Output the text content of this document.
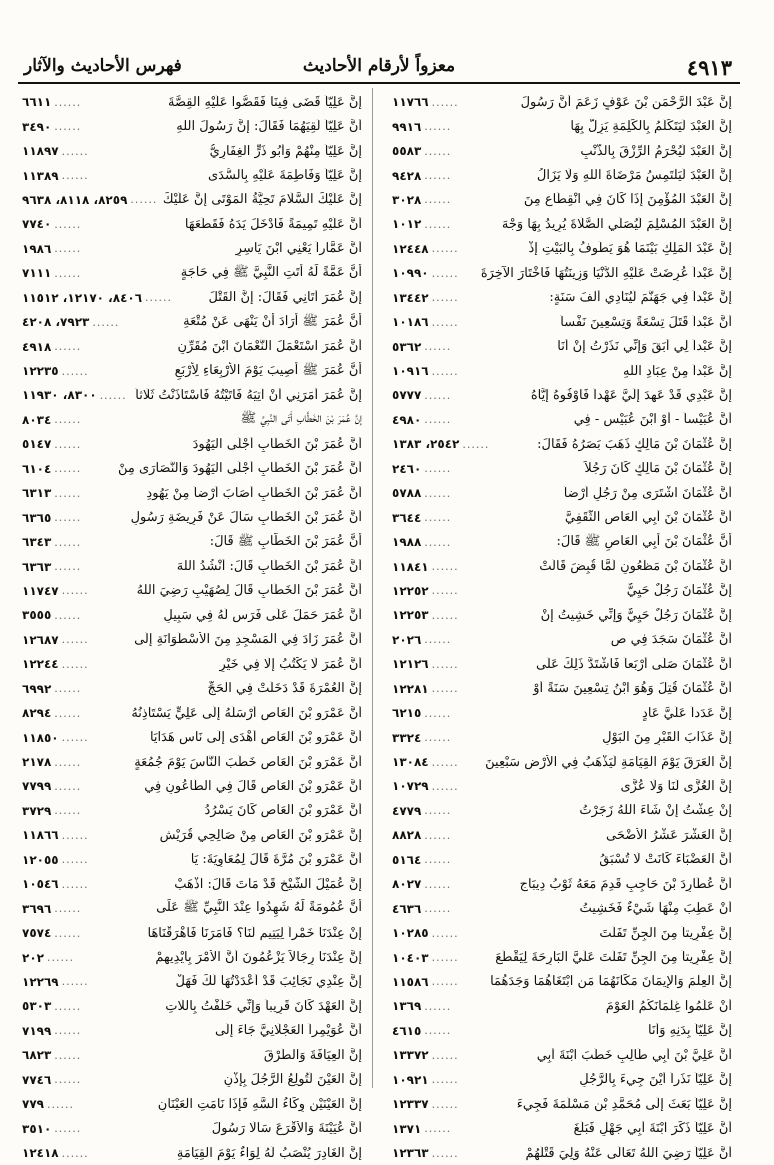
٤٩١٣
معزواً لأرقام الأحاديث
فهرس الأحاديث والآثار
إنَّ عَبْدَ الرَّحْمَنِ بْنَ عَوْفٍ زَعَمَ أَنَّ رَسُولَ
......
١١٧٦٦
إنَّ العَبْدَ لَيَتَكَلَّمُ بِالكَلِمَةِ يَزِلُّ بِهَا
......
٩٩١٦
إنَّ العَبْدَ لَيُحْرَمُ الرِّزْقَ بِالذَّنْبِ
......
٥٥٨٣
إنَّ العَبْدَ لَيَلْتَمِسُ مَرْضَاةَ اللهِ وَلَا يَزَالُ
......
٩٤٢٨
إنَّ العَبْدَ المُؤْمِنَ إذَا كَانَ فِي انْقِطَاعٍ مِنَ
......
٣٠٢٨
إنَّ العَبْدَ المُسْلِمَ لَيُصَلِّي الصَّلَاةَ يُرِيدُ بِهَا وَجْهَ
......
١٠١٢
إنَّ عَبْدَ المَلِكِ بَيْنَمَا هُوَ يَطُوفُ بِالبَيْتِ إذْ
......
١٢٤٤٨
إنَّ عَبْداً عُرِضَتْ عَلَيْهِ الدُّنْيَا وَزِينَتُهَا فَاخْتَارَ الآخِرَةَ
......
١٠٩٩٠
إنَّ عَبْداً فِي جَهَنَّمَ لَيُنَادِي أَلْفَ سَنَةٍ:
......
١٣٤٤٢
أَنَّ عَبْداً قَتَلَ تِسْعَةً وَتِسْعِينَ نَفْساً
......
١٠١٨٦
إنَّ عَبْداً لِي أَبَقَ وَإِنِّي نَذَرْتُ إنْ أَنَا
......
٥٣٦٢
إنَّ عَبْداً مِنْ عِبَادِ اللهِ
......
١٠٩١٦
إنَّ عَبْدِي قَدْ عَهِدَ إلَيَّ عَهْداً فَأَوْفُوهُ إيَّاهُ
......
٥٧٧٧
أَنَّ عُبَيْساً - أَوْ ابْنَ عُبَيْسٍ - فِي
......
٤٩٨٠
إنَّ عُثْمَانَ بْنَ مَالِكٍ ذَهَبَ بَصَرُهُ فَقَالَ:
......
٢٥٤٢، ١٣٨٣
إنَّ عُثْمَانَ بْنَ مَالِكٍ كَانَ رَجُلاً
......
٢٤٦٠
أَنَّ عُثْمَانَ اشْتَرَى مِنْ رَجُلٍ أَرْضاً
......
٥٧٨٨
أَنَّ عُثْمَانَ بْنَ أَبِي العَاصِ الثَّقَفِيَّ
......
٣٦٤٤
أَنَّ عُثْمَانَ بْنَ أَبِي العَاصِ ﷺ قَالَ:
......
١٩٨٨
أَنَّ عُثْمَانَ بْنَ مَظْعُونٍ لَمَّا قُبِضَ قَالَتْ
......
١١٨٤١
إنَّ عُثْمَانَ رَجُلٌ حَيِيٌّ
......
١٢٢٥٢
إنَّ عُثْمَانَ رَجُلٌ حَيِيٌّ وَإِنِّي خَشِيتُ إنْ
......
١٢٢٥٣
أَنَّ عُثْمَانَ سَجَدَ فِي ص
......
٢٠٢٦
أَنَّ عُثْمَانَ صَلَّى أَرْبَعاً فَاشْتَدَّ ذَلِكَ عَلَى
......
١٢١٢٦
أَنَّ عُثْمَانَ قُتِلَ وَهُوَ ابْنُ تِسْعِينَ سَنَةً أَوْ
......
١٢٢٨١
إنَّ عَدَداً عَلَيَّ عَادٍ
......
٦٢١٥
إنَّ عَذَابَ القَبْرِ مِنَ البَوْلِ
......
٣٣٢٤
إنَّ العَرَقَ يَوْمَ القِيَامَةِ لَيَذْهَبُ فِي الأَرْضِ سَبْعِينَ
......
١٣٠٨٤
إنَّ العُزَّى لَنَا وَلَا عُزَّى
......
١٠٧٢٩
إنْ عِشْتُ إنْ شَاءَ اللهُ زَجَرْتُ
......
٤٧٧٩
إنَّ العَشْرَ عَشْرُ الأَضْحَى
......
٨٨٢٨
أَنَّ العَضْبَاءَ كَانَتْ لَا تُسْبَقُ
......
٥١٦٤
أَنَّ عُطَارِدَ بْنَ حَاجِبٍ قَدِمَ مَعَهُ ثَوْبُ دِيبَاجٍ
......
٨٠٢٧
أَنْ عَطِبَ مِنْهَا شَيْءٌ فَخَشِيتُ
......
٤٦٣٦
إنَّ عِفْرِيتاً مِنَ الجِنِّ تَفَلَّتَ
......
١٠٢٨٥
إنَّ عِفْرِيتاً مِنَ الجِنِّ تَفَلَّتَ عَلَيَّ البَارِحَةَ لِيَقْطَعَ
......
١٠٤٠٣
إنَّ العِلْمَ وَالإِيمَانَ مَكَانَهُمَا مَنِ ابْتَغَاهُمَا وَجَدَهُمَا
......
١١٥٨٦
أَنْ عَلِّمُوا غِلْمَانَكُمُ العَوْمَ
......
١٣٦٩
إنَّ عَلِيّاً بِدَنِهِ وَأَنَا
......
٤٦١٥
أَنَّ عَلِيَّ بْنَ أَبِي طَالِبٍ خَطَبَ ابْنَةَ أَبِي
......
١٣٣٧٢
إنَّ عَلِيّاً نَذَراً أَيْنَ جِيءَ بِالرَّجُلِ
......
١٠٩٢١
إنَّ عَلِيّاً بَعَثَ إلَى مُحَمَّدِ بْنِ مَسْلَمَةَ فَجِيءَ
......
١٢٣٣٧
أَنَّ عَلِيّاً ذَكَرَ ابْنَةَ أَبِي جَهْلٍ فَبَلَغَ
......
١٣٧١
أَنَّ عَلِيّاً رَضِيَ اللهُ تَعَالَى عَنْهُ وَلِيَ قَتْلَهُمْ
......
١٢٣٦٣
إنَّ عَلِيّاً قَضَى فِينَا فَقَصُّوا عَلَيْهِ القِصَّةَ
......
٦٦١١
أَنَّ عَلِيّاً لَقِيَهُمَا فَقَالَ: إنَّ رَسُولَ اللهِ
......
٣٤٩٠
إنَّ عَلِيّاً مِنْهُمْ وَأَبُو ذَرٍّ الغِفَارِيُّ
......
١١٨٩٧
إنَّ عَلِيّاً وَفَاطِمَةَ عَلَيْهِ بِالسُّدَى
......
١١٣٨٩
إنَّ عَلَيْكَ السَّلَامَ تَحِيَّةُ المَوْتَى إنَّ عَلَيْكَ
......
٨٢٥٩، ٨١١٨، ٩٦٣٨
أَنَّ عَلَيْهِ تَمِيمَةً فَأَدْخَلَ يَدَهُ فَقَطَعَهَا
......
٧٧٤٠
أَنَّ عَمَّاراً يَعْنِي ابْنَ يَاسِرٍ
......
١٩٨٦
أَنَّ عَمَّةً لَهُ أَتَتِ النَّبِيَّ ﷺ فِي حَاجَةٍ
......
٧١١١
إنَّ عُمَرَ أَتَانِي فَقَالَ: إنَّ القَتْلَ
......
٨٤٠٦، ١٢١٧٠، ١١٥١٢
أَنَّ عُمَرَ ﷺ أَرَادَ أَنْ يَنْهَى عَنْ مُتْعَةِ
......
٧٩٢٣، ٤٢٠٨
أَنَّ عُمَرَ اسْتَعْمَلَ النُّعْمَانَ ابْنَ مُقَرِّنٍ
......
٤٩١٨
أَنَّ عُمَرَ ﷺ أُصِيبَ يَوْمَ الأَرْبِعَاءِ لِأَرْبَعِ
......
١٢٢٣٥
إنَّ عُمَرَ أَمَرَنِي أَنْ آتِيَهُ فَأَتَيْتُهُ فَاسْتَأْذَنْتُ ثَلَاثاً
......
٨٣٠٠، ١١٩٣٠
إنَّ عُمَرَ بْنَ الخَطَّابِ أَتَى النَّبِيَّ ﷺ
......
٨٠٣٤
أَنَّ عُمَرَ بْنَ الخَطَّابِ أَجْلَى اليَهُودَ
......
٥١٤٧
أَنَّ عُمَرَ بْنَ الخَطَّابِ أَجْلَى اليَهُودَ وَالنَّصَارَى مِنْ
......
٦١٠٤
أَنَّ عُمَرَ بْنَ الخَطَّابِ أَصَابَ أَرْضاً مِنْ يَهُودِ
......
٦٣١٣
أَنَّ عُمَرَ بْنَ الخَطَّابِ سَأَلَ عَنْ فَرِيضَةِ رَسُولِ
......
٦٣٦٥
أَنَّ عُمَرَ بْنَ الخَطَّابِ ﷺ قَالَ:
......
٦٣٤٣
أَنَّ عُمَرَ بْنَ الخَطَّابِ قَالَ: أَنْشُدُ اللهَ
......
٦٣٦٣
أَنَّ عُمَرَ بْنَ الخَطَّابِ قَالَ لِصُهَيْبٍ رَضِيَ اللهُ
......
١١٧٤٧
أَنَّ عُمَرَ حَمَلَ عَلَى فَرَسٍ لَهُ فِي سَبِيلِ
......
٣٥٥٥
أَنَّ عُمَرَ زَادَ فِي المَسْجِدِ مِنَ الأُسْطُوَانَةِ إلَى
......
١٢٦٨٧
أَنَّ عُمَرَ لَا يَكْتُبُ إلَّا فِي خَيْرٍ
......
١٢٢٤٤
إنَّ العُمْرَةَ قَدْ دَخَلَتْ فِي الحَجِّ
......
٦٩٩٢
أَنَّ عَمْرَو بْنَ العَاصِ أَرْسَلَهُ إلَى عَلِيٍّ يَسْتَأْذِنُهُ
......
٨٢٩٤
أَنَّ عَمْرَو بْنَ العَاصِ أَهْدَى إلَى نَاسٍ هَدَايَا
......
١١٨٥٠
أَنَّ عَمْرَو بْنَ العَاصِ خَطَبَ النَّاسَ يَوْمَ جُمُعَةٍ
......
٢١٧٨
أَنَّ عَمْرَو بْنَ العَاصِ قَالَ فِي الطَّاعُونِ فِي
......
٧٧٩٩
أَنَّ عَمْرَو بْنَ العَاصِ كَانَ يَسْرُدُ
......
٣٧٢٩
إنَّ عَمْرَو بْنَ العَاصِ مِنْ صَالِحِي قُرَيْشٍ
......
١١٨٦٦
أَنَّ عَمْرَو بْنَ مُرَّةَ قَالَ لِمُعَاوِيَةَ: يَا
......
١٢٠٥٥
إنَّ عُمَيْلَ الشَّيْخِ قَدْ مَاتَ قَالَ: اذْهَبْ
......
١٠٥٤٦
أَنَّ عُمُومَةً لَهُ شَهِدُوا عِنْدَ النَّبِيِّ ﷺ عَلَى
......
٣٦٩٦
إنْ عِنْدَنَا خَمْراً لِيَتِيمٍ لَنَا؟ فَأَمَرَنَا فَأَهْرَقْنَاهَا
......
٧٥٧٤
إنَّ عِنْدَنَا رِجَالاً يَزْعُمُونَ أَنَّ الأَمْرَ بِأَيْدِيهِمْ
......
٢٠٢
إنَّ عِنْدِي نَجَائِبَ قَدْ أَعْدَدْتُهَا لَكَ فَهَلْ
......
١٢٢٦٩
إنَّ العَهْدَ كَانَ قَرِيباً وَإِنِّي خَلَفْتُ بِاللَّاتِ
......
٥٣٠٣
أَنَّ عُوَيْمِراً العَجْلَانِيَّ جَاءَ إلَى
......
٧١٩٩
إنَّ العِيَافَةَ وَالطَّرْقَ
......
٦٨٢٣
إنَّ العَيْنَ لَتُولِعُ الرَّجُلَ بِإِذْنٍ
......
٧٧٤٦
إنَّ العَيْنَيْنِ وِكَاءُ السَّهِ فَإِذَا نَامَتِ العَيْنَانِ
......
٧٧٩
أَنَّ عُيَيْنَةَ وَالأَقْرَعَ سَأَلَا رَسُولَ
......
٣٥١٠
إنَّ الغَادِرَ يُنْصَبُ لَهُ لِوَاءٌ يَوْمَ القِيَامَةِ
......
١٢٤١٨
